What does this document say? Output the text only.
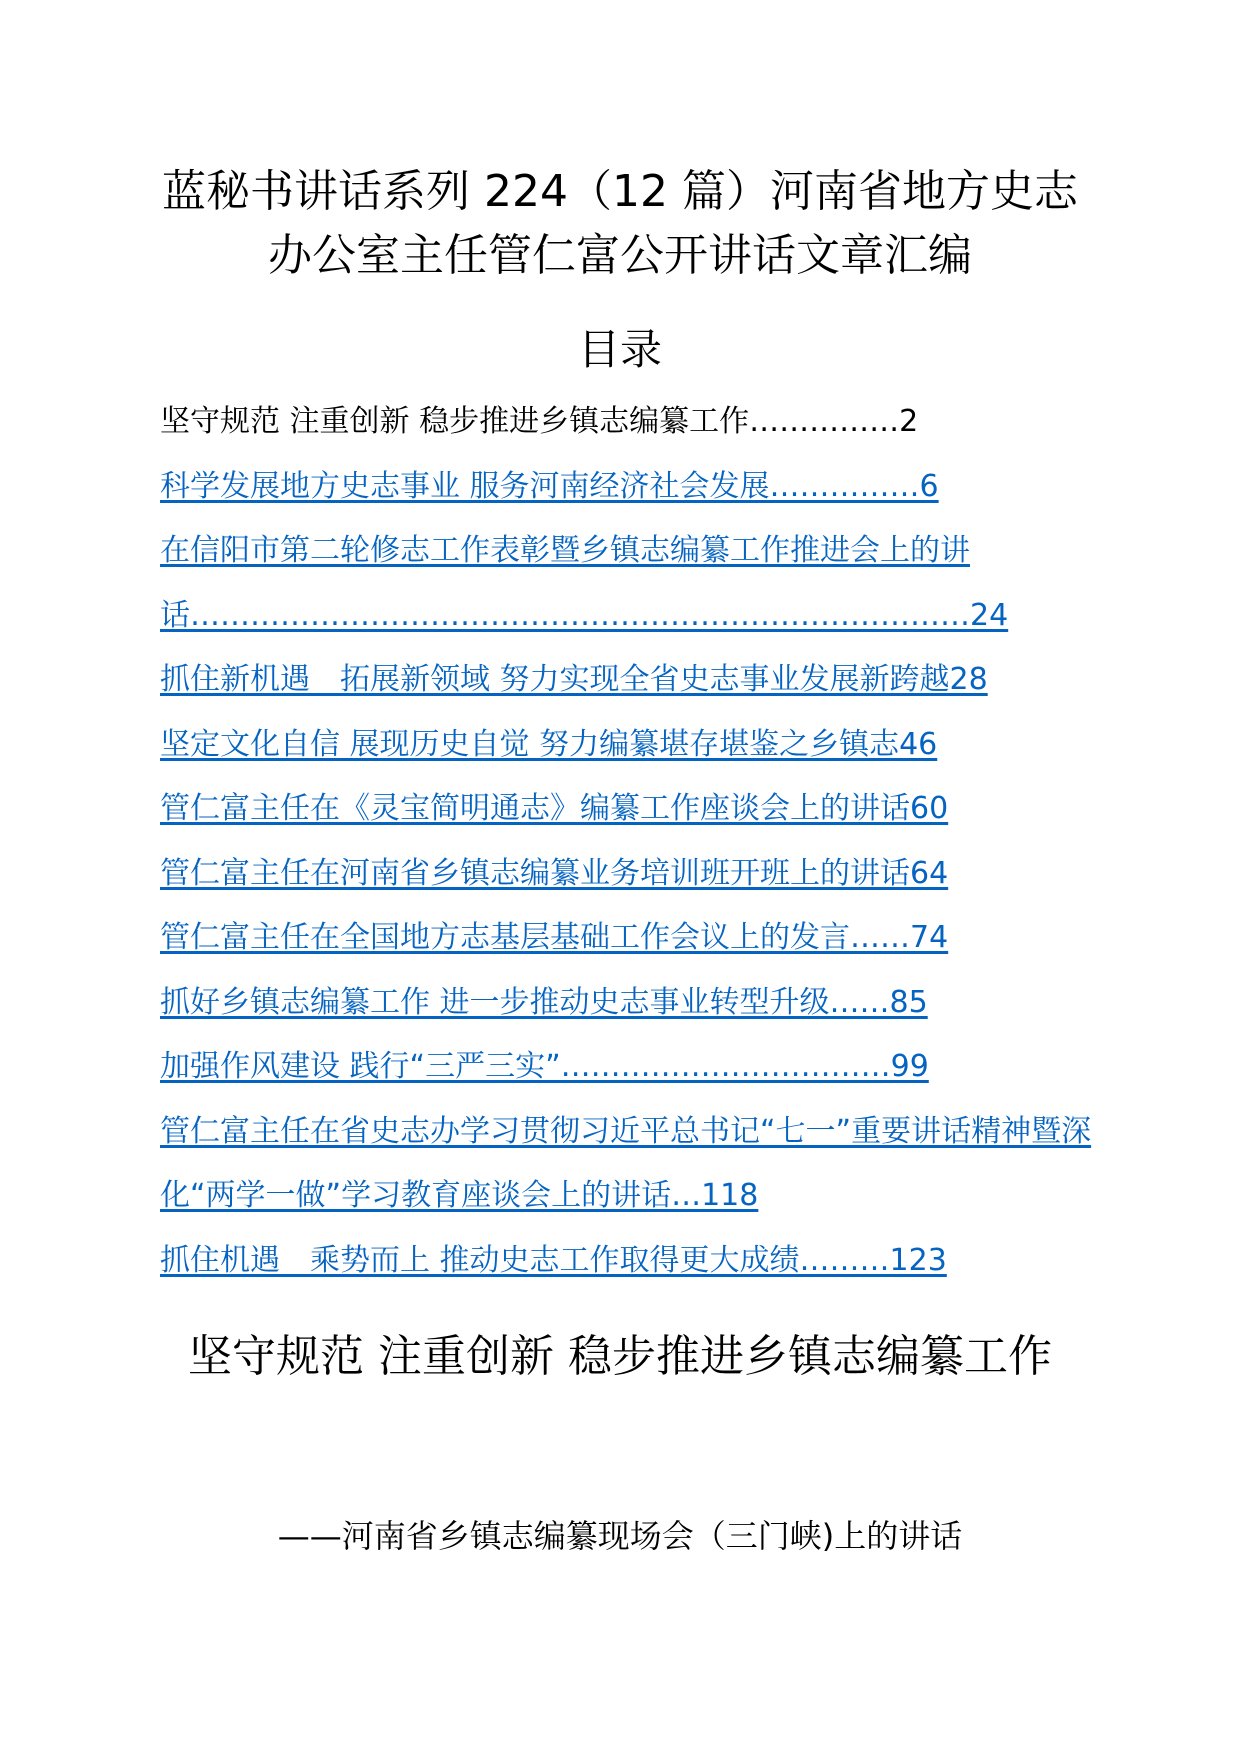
蓝秘书讲话系列 224（12 篇）河南省地方史志办公室主任管仁富公开讲话文章汇编
目录
坚守规范 注重创新 稳步推进乡镇志编纂工作……………2
科学发展地方史志事业 服务河南经济社会发展……………6
在信阳市第二轮修志工作表彰暨乡镇志编纂工作推进会上的讲话……………………………………………………………………24
抓住新机遇　拓展新领域 努力实现全省史志事业发展新跨越28
坚定文化自信 展现历史自觉 努力编纂堪存堪鉴之乡镇志46
管仁富主任在《灵宝简明通志》编纂工作座谈会上的讲话60
管仁富主任在河南省乡镇志编纂业务培训班开班上的讲话64
管仁富主任在全国地方志基层基础工作会议上的发言……74
抓好乡镇志编纂工作 进一步推动史志事业转型升级……85
加强作风建设 践行“三严三实”……………………………99
管仁富主任在省史志办学习贯彻习近平总书记“七一”重要讲话精神暨深化“两学一做”学习教育座谈会上的讲话…118
抓住机遇　乘势而上 推动史志工作取得更大成绩………123
坚守规范 注重创新 稳步推进乡镇志编纂工作

——河南省乡镇志编纂现场会（三门峡)上的讲话
